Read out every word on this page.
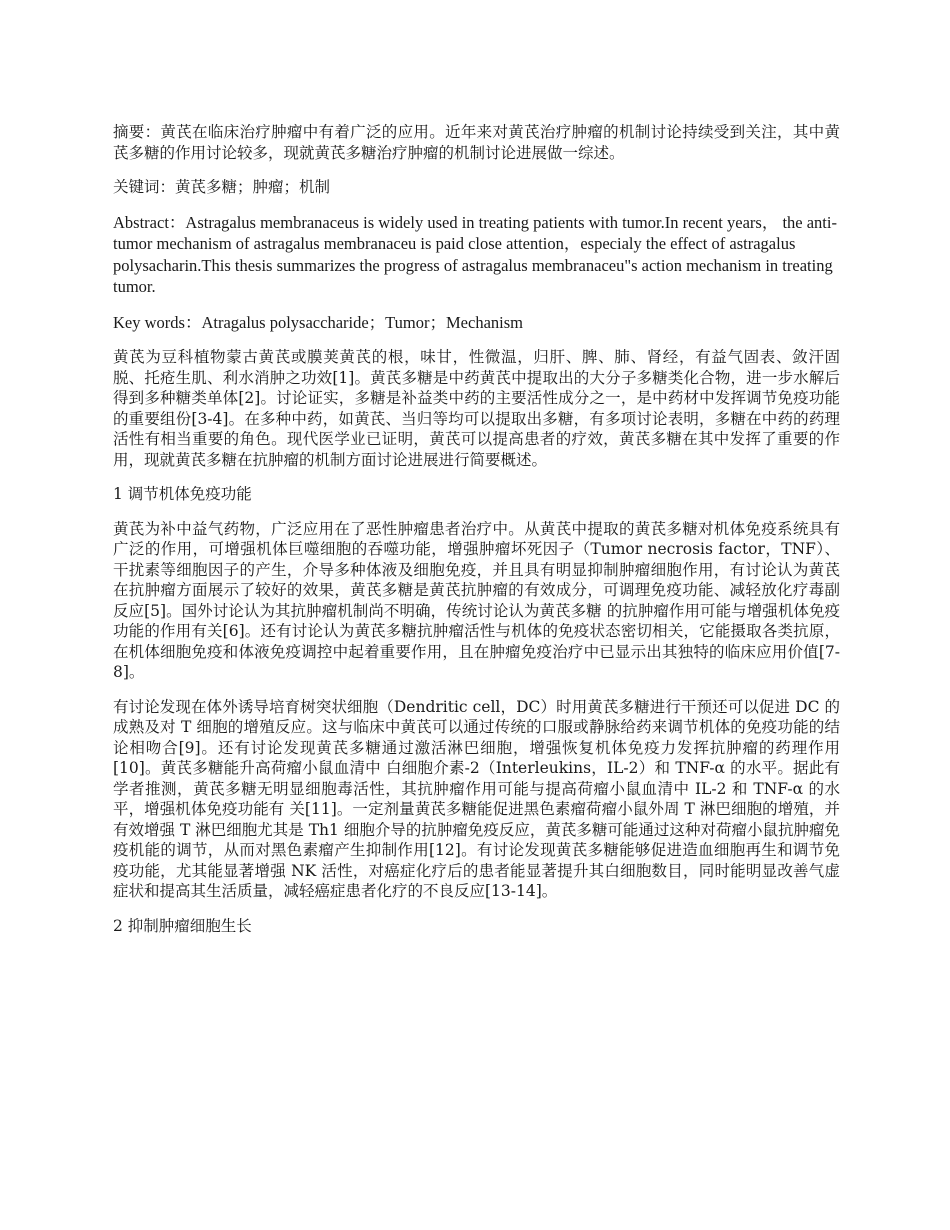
摘要：黄芪在临床治疗肿瘤中有着广泛的应用。近年来对黄芪治疗肿瘤的机制讨论持续受到关注，其中黄芪多糖的作用讨论较多，现就黄芪多糖治疗肿瘤的机制讨论进展做一综述。

关键词：黄芪多糖；肿瘤；机制

Abstract：Astragalus membranaceus is widely used in treating patients with tumor.In recent years， the anti-tumor mechanism of astragalus membranaceu is paid close attention，especialy the effect of astragalus polysacharin.This thesis summarizes the progress of astragalus membranaceu"s action mechanism in treating tumor.

Key words：Atragalus polysaccharide；Tumor；Mechanism

黄芪为豆科植物蒙古黄芪或膜荚黄芪的根，味甘，性微温，归肝、脾、肺、肾经，有益气固表、敛汗固脱、托疮生肌、利水消肿之功效[1]。黄芪多糖是中药黄芪中提取出的大分子多糖类化合物，进一步水解后得到多种糖类单体[2]。讨论证实，多糖是补益类中药的主要活性成分之一，是中药材中发挥调节免疫功能的重要组份[3-4]。在多种中药，如黄芪、当归等均可以提取出多糖，有多项讨论表明，多糖在中药的药理活性有相当重要的角色。现代医学业已证明，黄芪可以提高患者的疗效，黄芪多糖在其中发挥了重要的作用，现就黄芪多糖在抗肿瘤的机制方面讨论进展进行简要概述。

1 调节机体免疫功能

黄芪为补中益气药物，广泛应用在了恶性肿瘤患者治疗中。从黄芪中提取的黄芪多糖对机体免疫系统具有广泛的作用，可增强机体巨噬细胞的吞噬功能，增强肿瘤坏死因子（Tumor necrosis factor，TNF）、干扰素等细胞因子的产生，介导多种体液及细胞免疫，并且具有明显抑制肿瘤细胞作用，有讨论认为黄芪在抗肿瘤方面展示了较好的效果，黄芪多糖是黄芪抗肿瘤的有效成分，可调理免疫功能、减轻放化疗毒副反应[5]。国外讨论认为其抗肿瘤机制尚不明确，传统讨论认为黄芪多糖 的抗肿瘤作用可能与增强机体免疫功能的作用有关[6]。还有讨论认为黄芪多糖抗肿瘤活性与机体的免疫状态密切相关，它能摄取各类抗原，在机体细胞免疫和体液免疫调控中起着重要作用，且在肿瘤免疫治疗中已显示出其独特的临床应用价值[7-8]。

有讨论发现在体外诱导培育树突状细胞（Dendritic cell，DC）时用黄芪多糖进行干预还可以促进 DC 的成熟及对 T 细胞的增殖反应。这与临床中黄芪可以通过传统的口服或静脉给药来调节机体的免疫功能的结论相吻合[9]。还有讨论发现黄芪多糖通过激活淋巴细胞，增强恢复机体免疫力发挥抗肿瘤的药理作用[10]。黄芪多糖能升高荷瘤小鼠血清中 白细胞介素-2（Interleukins，IL-2）和 TNF-α 的水平。据此有学者推测，黄芪多糖无明显细胞毒活性，其抗肿瘤作用可能与提高荷瘤小鼠血清中 IL-2 和 TNF-α 的水平，增强机体免疫功能有 关[11]。一定剂量黄芪多糖能促进黑色素瘤荷瘤小鼠外周 T 淋巴细胞的增殖，并有效增强 T 淋巴细胞尤其是 Th1 细胞介导的抗肿瘤免疫反应，黄芪多糖可能通过这种对荷瘤小鼠抗肿瘤免疫机能的调节，从而对黑色素瘤产生抑制作用[12]。有讨论发现黄芪多糖能够促进造血细胞再生和调节免疫功能，尤其能显著增强 NK 活性，对癌症化疗后的患者能显著提升其白细胞数目，同时能明显改善气虚症状和提高其生活质量，减轻癌症患者化疗的不良反应[13-14]。

2 抑制肿瘤细胞生长
